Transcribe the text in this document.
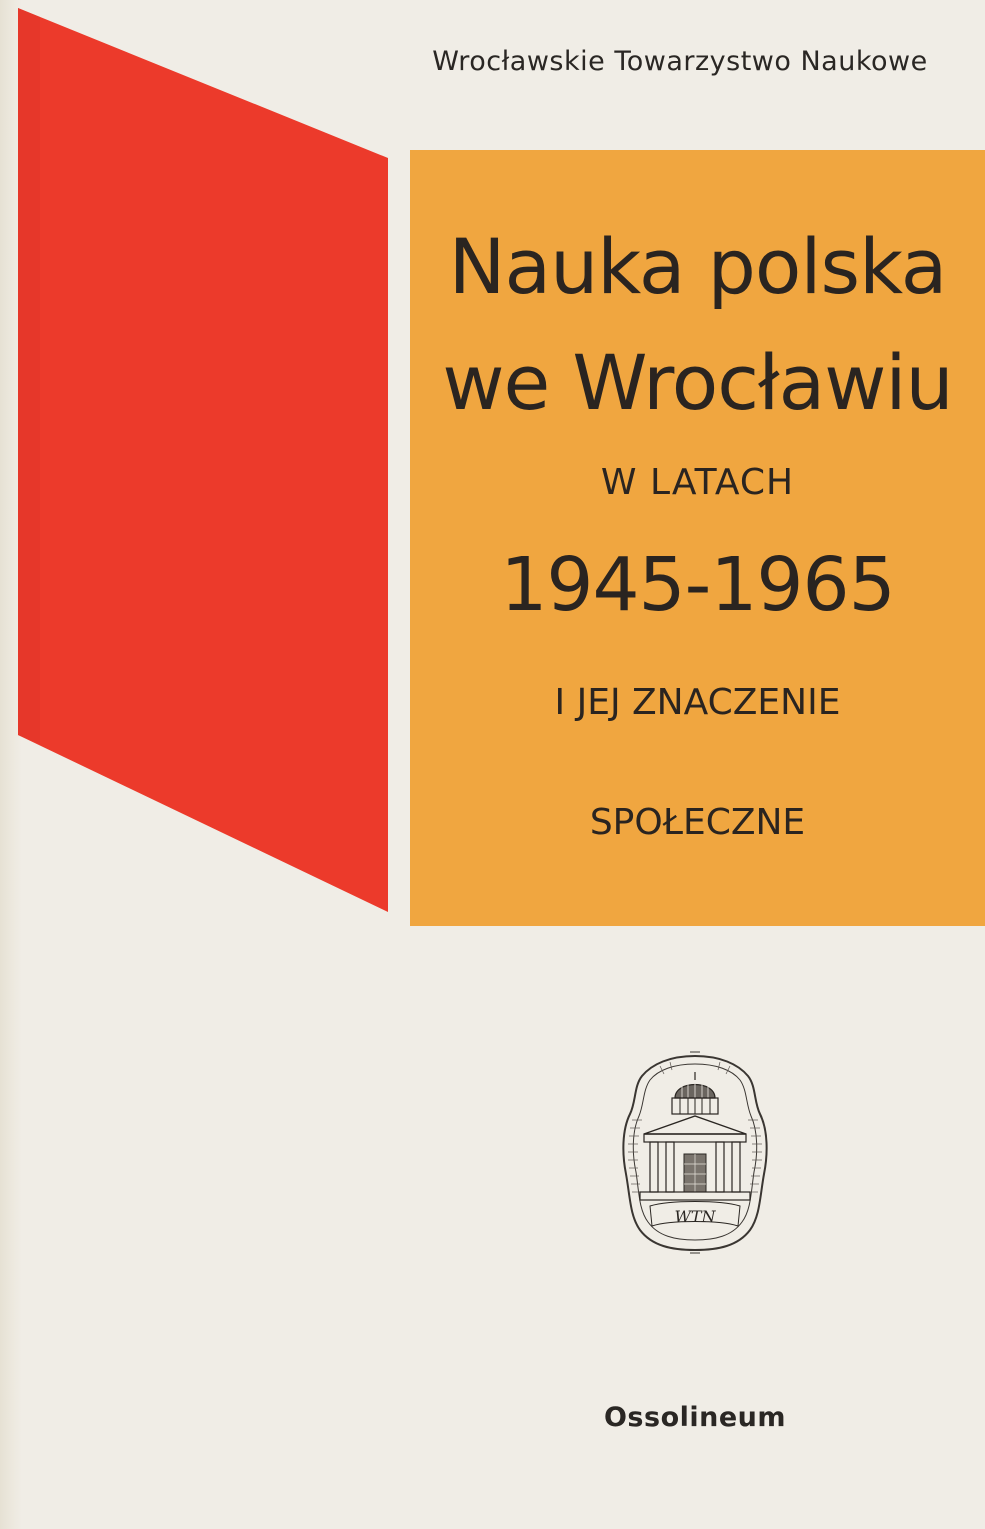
Wrocławskie Towarzystwo Naukowe
Nauka polska
we Wrocławiu
W LATACH
1945-1965
I JEJ ZNACZENIE
SPOŁECZNE
WTN
Ossolineum
